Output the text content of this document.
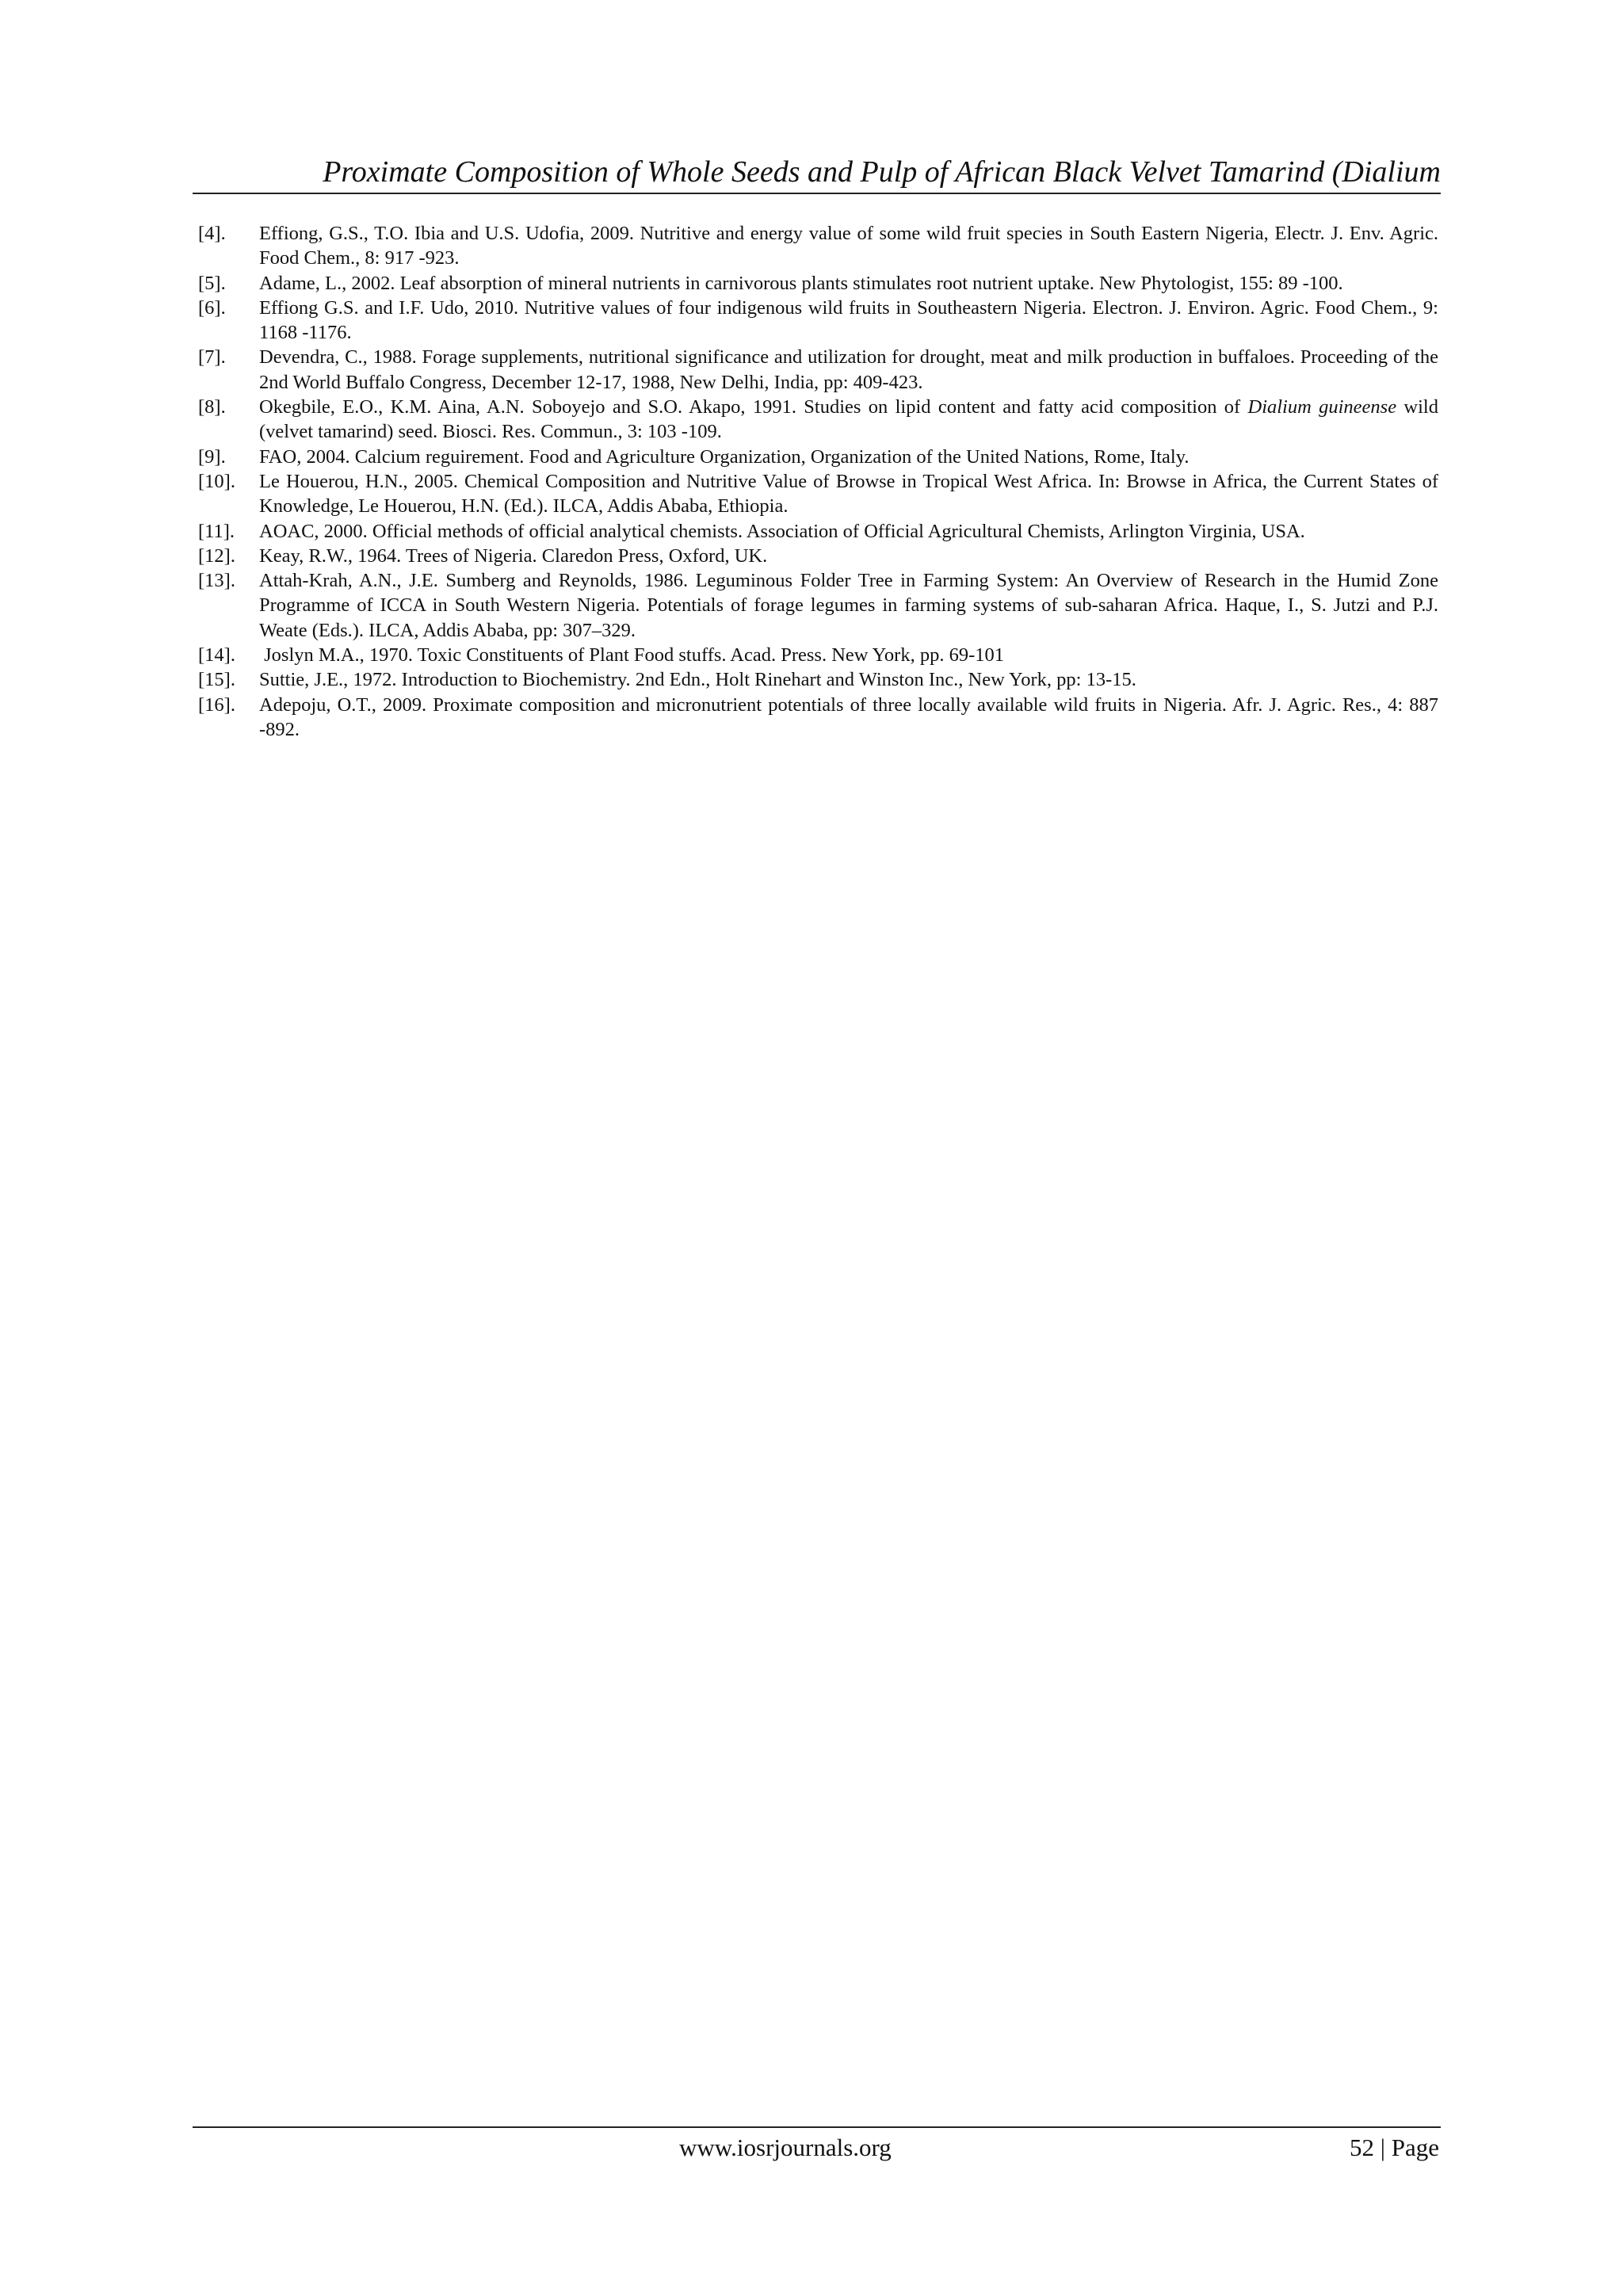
Proximate Composition of Whole Seeds and Pulp of African Black Velvet Tamarind (Dialium
[4]. Effiong, G.S., T.O. Ibia and U.S. Udofia, 2009. Nutritive and energy value of some wild fruit species in South Eastern Nigeria, Electr. J. Env. Agric. Food Chem., 8: 917 -923.
[5]. Adame, L., 2002. Leaf absorption of mineral nutrients in carnivorous plants stimulates root nutrient uptake. New Phytologist, 155: 89 -100.
[6]. Effiong G.S. and I.F. Udo, 2010. Nutritive values of four indigenous wild fruits in Southeastern Nigeria. Electron. J. Environ. Agric. Food Chem., 9: 1168 -1176.
[7]. Devendra, C., 1988. Forage supplements, nutritional significance and utilization for drought, meat and milk production in buffaloes. Proceeding of the 2nd World Buffalo Congress, December 12-17, 1988, New Delhi, India, pp: 409-423.
[8]. Okegbile, E.O., K.M. Aina, A.N. Soboyejo and S.O. Akapo, 1991. Studies on lipid content and fatty acid composition of Dialium guineense wild (velvet tamarind) seed. Biosci. Res. Commun., 3: 103 -109.
[9]. FAO, 2004. Calcium reguirement. Food and Agriculture Organization, Organization of the United Nations, Rome, Italy.
[10]. Le Houerou, H.N., 2005. Chemical Composition and Nutritive Value of Browse in Tropical West Africa. In: Browse in Africa, the Current States of Knowledge, Le Houerou, H.N. (Ed.). ILCA, Addis Ababa, Ethiopia.
[11]. AOAC, 2000. Official methods of official analytical chemists. Association of Official Agricultural Chemists, Arlington Virginia, USA.
[12]. Keay, R.W., 1964. Trees of Nigeria. Claredon Press, Oxford, UK.
[13]. Attah-Krah, A.N., J.E. Sumberg and Reynolds, 1986. Leguminous Folder Tree in Farming System: An Overview of Research in the Humid Zone Programme of ICCA in South Western Nigeria. Potentials of forage legumes in farming systems of sub-saharan Africa. Haque, I., S. Jutzi and P.J. Weate (Eds.). ILCA, Addis Ababa, pp: 307–329.
[14]. Joslyn M.A., 1970. Toxic Constituents of Plant Food stuffs. Acad. Press. New York, pp. 69-101
[15]. Suttie, J.E., 1972. Introduction to Biochemistry. 2nd Edn., Holt Rinehart and Winston Inc., New York, pp: 13-15.
[16]. Adepoju, O.T., 2009. Proximate composition and micronutrient potentials of three locally available wild fruits in Nigeria. Afr. J. Agric. Res., 4: 887 -892.
www.iosrjournals.org	52 | Page
